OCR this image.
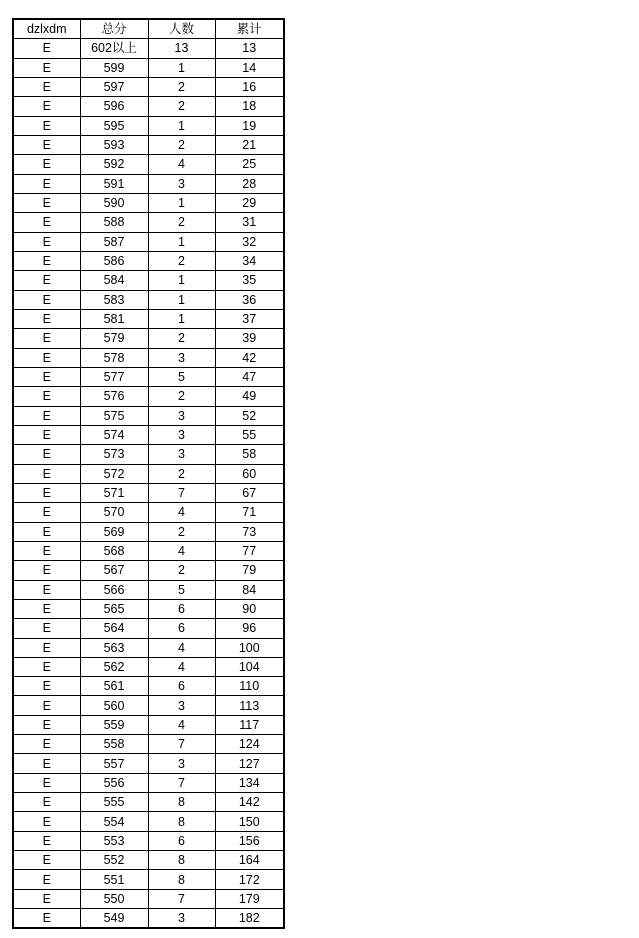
dzlxdm	总分	人数	累计
E	602以上	13	13
E	599	1	14
E	597	2	16
E	596	2	18
E	595	1	19
E	593	2	21
E	592	4	25
E	591	3	28
E	590	1	29
E	588	2	31
E	587	1	32
E	586	2	34
E	584	1	35
E	583	1	36
E	581	1	37
E	579	2	39
E	578	3	42
E	577	5	47
E	576	2	49
E	575	3	52
E	574	3	55
E	573	3	58
E	572	2	60
E	571	7	67
E	570	4	71
E	569	2	73
E	568	4	77
E	567	2	79
E	566	5	84
E	565	6	90
E	564	6	96
E	563	4	100
E	562	4	104
E	561	6	110
E	560	3	113
E	559	4	117
E	558	7	124
E	557	3	127
E	556	7	134
E	555	8	142
E	554	8	150
E	553	6	156
E	552	8	164
E	551	8	172
E	550	7	179
E	549	3	182
